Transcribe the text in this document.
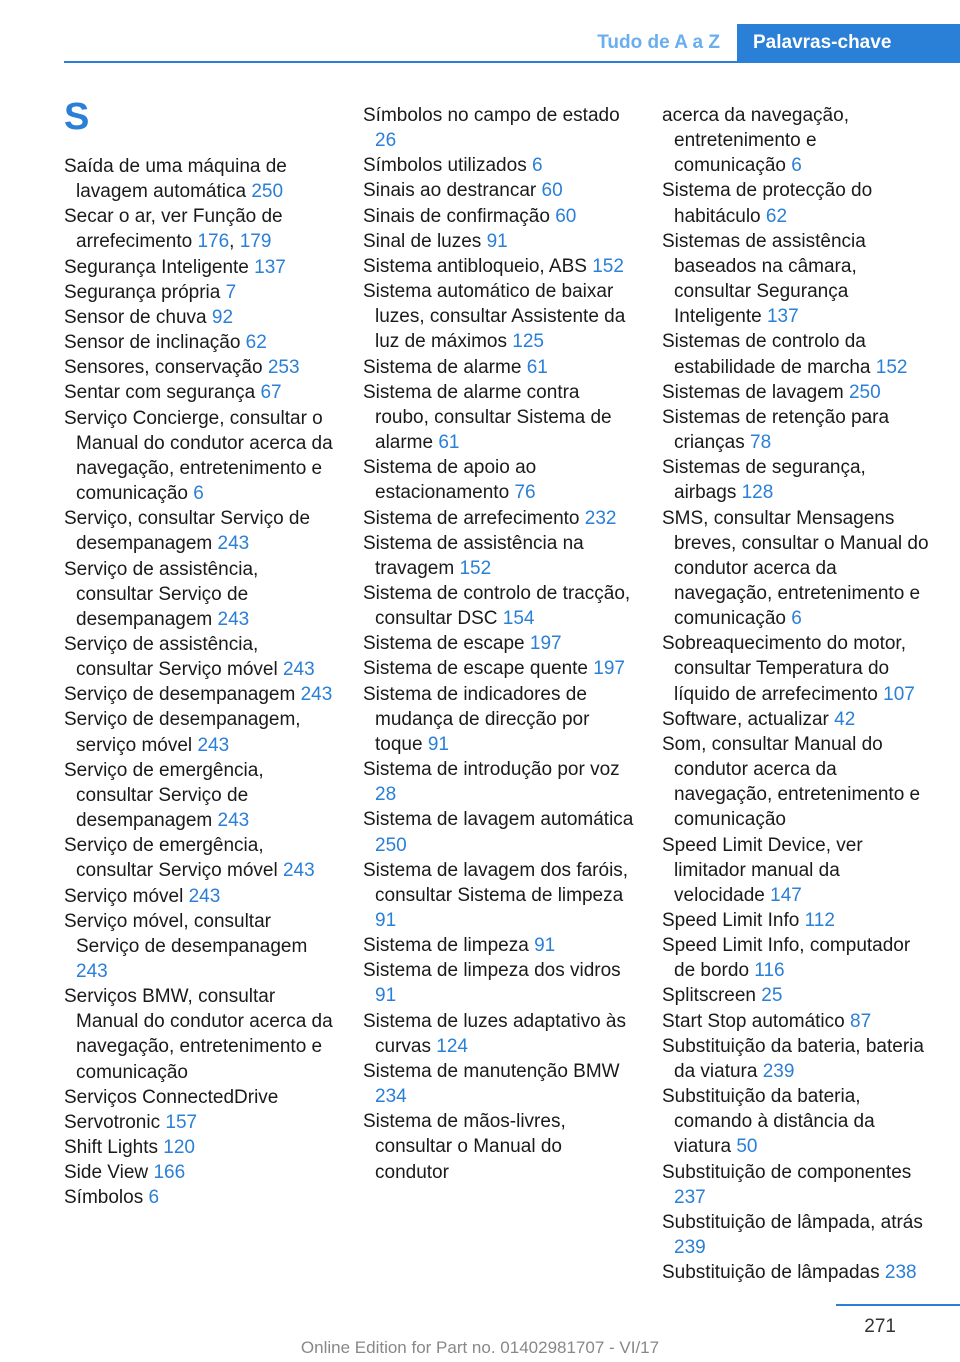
Tudo de A a Z	Palavras-chave
S
Saída de uma máquina de lavagem automática 250
Secar o ar, ver Função de arrefecimento 176, 179
Segurança Inteligente 137
Segurança própria 7
Sensor de chuva 92
Sensor de inclinação 62
Sensores, conservação 253
Sentar com segurança 67
Serviço Concierge, consultar o Manual do condutor acerca da navegação, entretenimento e comunicação 6
Serviço, consultar Serviço de desempanagem 243
Serviço de assistência, consultar Serviço de desempanagem 243
Serviço de assistência, consultar Serviço móvel 243
Serviço de desempanagem 243
Serviço de desempanagem, serviço móvel 243
Serviço de emergência, consultar Serviço de desempanagem 243
Serviço de emergência, consultar Serviço móvel 243
Serviço móvel 243
Serviço móvel, consultar Serviço de desempanagem 243
Serviços BMW, consultar Manual do condutor acerca da navegação, entretenimento e comunicação
Serviços ConnectedDrive
Servotronic 157
Shift Lights 120
Side View 166
Símbolos 6
Símbolos no campo de estado 26
Símbolos utilizados 6
Sinais ao destrancar 60
Sinais de confirmação 60
Sinal de luzes 91
Sistema antibloqueio, ABS 152
Sistema automático de baixar luzes, consultar Assistente da luz de máximos 125
Sistema de alarme 61
Sistema de alarme contra roubo, consultar Sistema de alarme 61
Sistema de apoio ao estacionamento 76
Sistema de arrefecimento 232
Sistema de assistência na travagem 152
Sistema de controlo de tracção, consultar DSC 154
Sistema de escape 197
Sistema de escape quente 197
Sistema de indicadores de mudança de direcção por toque 91
Sistema de introdução por voz 28
Sistema de lavagem automática 250
Sistema de lavagem dos faróis, consultar Sistema de limpeza 91
Sistema de limpeza 91
Sistema de limpeza dos vidros 91
Sistema de luzes adaptativo às curvas 124
Sistema de manutenção BMW 234
Sistema de mãos-livres, consultar o Manual do condutor
acerca da navegação, entretenimento e comunicação 6
Sistema de protecção do habitáculo 62
Sistemas de assistência baseados na câmara, consultar Segurança Inteligente 137
Sistemas de controlo da estabilidade de marcha 152
Sistemas de lavagem 250
Sistemas de retenção para crianças 78
Sistemas de segurança, airbags 128
SMS, consultar Mensagens breves, consultar o Manual do condutor acerca da navegação, entretenimento e comunicação 6
Sobreaquecimento do motor, consultar Temperatura do líquido de arrefecimento 107
Software, actualizar 42
Som, consultar Manual do condutor acerca da navegação, entretenimento e comunicação
Speed Limit Device, ver limitador manual da velocidade 147
Speed Limit Info 112
Speed Limit Info, computador de bordo 116
Splitscreen 25
Start Stop automático 87
Substituição da bateria, bateria da viatura 239
Substituição da bateria, comando à distância da viatura 50
Substituição de componentes 237
Substituição de lâmpada, atrás 239
Substituição de lâmpadas 238
271
Online Edition for Part no. 01402981707 - VI/17
